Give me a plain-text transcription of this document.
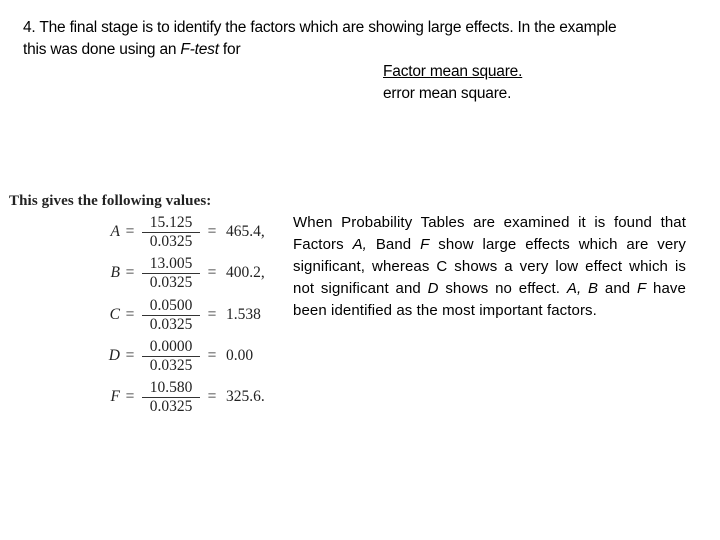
4. The final stage is to identify the factors which are showing large effects. In the example
this was done using an F-test for
Factor mean square.
error mean square.
This gives the following values:
$A = \frac{15.125}{0.0325} = 465.4$,
$B = \frac{13.005}{0.0325} = 400.2$,
$C = \frac{0.0500}{0.0325} = 1.538$
$D = \frac{0.0000}{0.0325} = 0.00$
$F = \frac{10.580}{0.0325} = 325.6$.
When Probability Tables are examined it is found that Factors A, Band F show large effects which are very significant, whereas C shows a very low effect which is not significant and D shows no effect. A, B and F have been identified as the most important factors.
